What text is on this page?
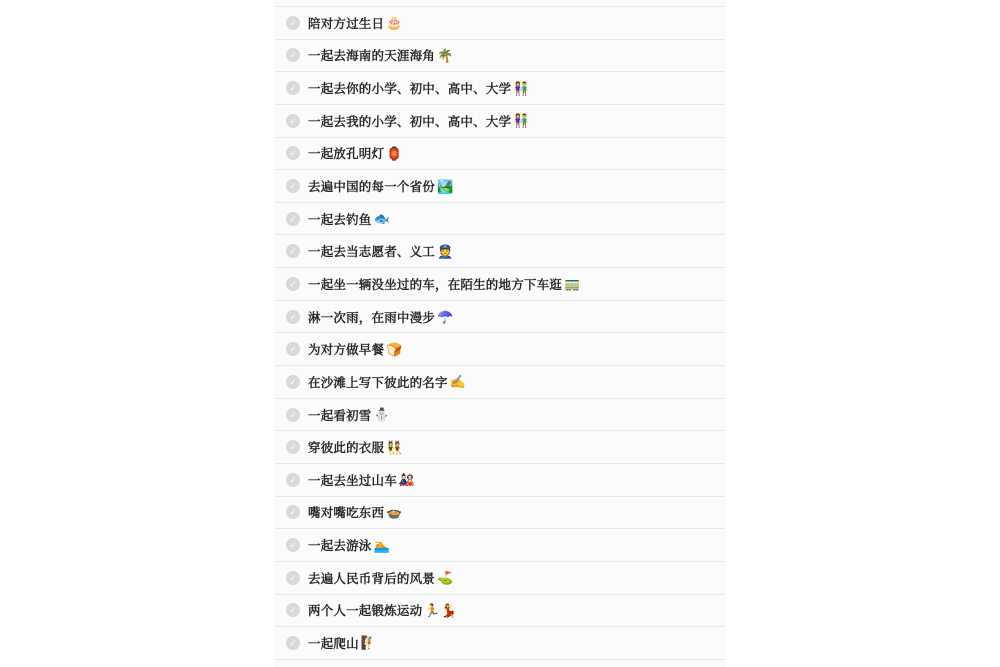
✓ 陪对方过生日 🎂
✓ 一起去海南的天涯海角 🌴
✓ 一起去你的小学、初中、高中、大学 👫
✓ 一起去我的小学、初中、高中、大学 👫
✓ 一起放孔明灯 🏮
✓ 去遍中国的每一个省份 🏞️
✓ 一起去钓鱼 🐟
✓ 一起去当志愿者、义工 👮
✓ 一起坐一辆没坐过的车，在陌生的地方下车逛 🚃
✓ 淋一次雨，在雨中漫步 ☂️
✓ 为对方做早餐 🍞
✓ 在沙滩上写下彼此的名字 ✍️
✓ 一起看初雪 ⛄
✓ 穿彼此的衣服 👯
✓ 一起去坐过山车 🎎
✓ 嘴对嘴吃东西 🍲
✓ 一起去游泳 🏊
✓ 去遍人民币背后的风景 ⛳
✓ 两个人一起锻炼运动 🏃💃
✓ 一起爬山 🧗
